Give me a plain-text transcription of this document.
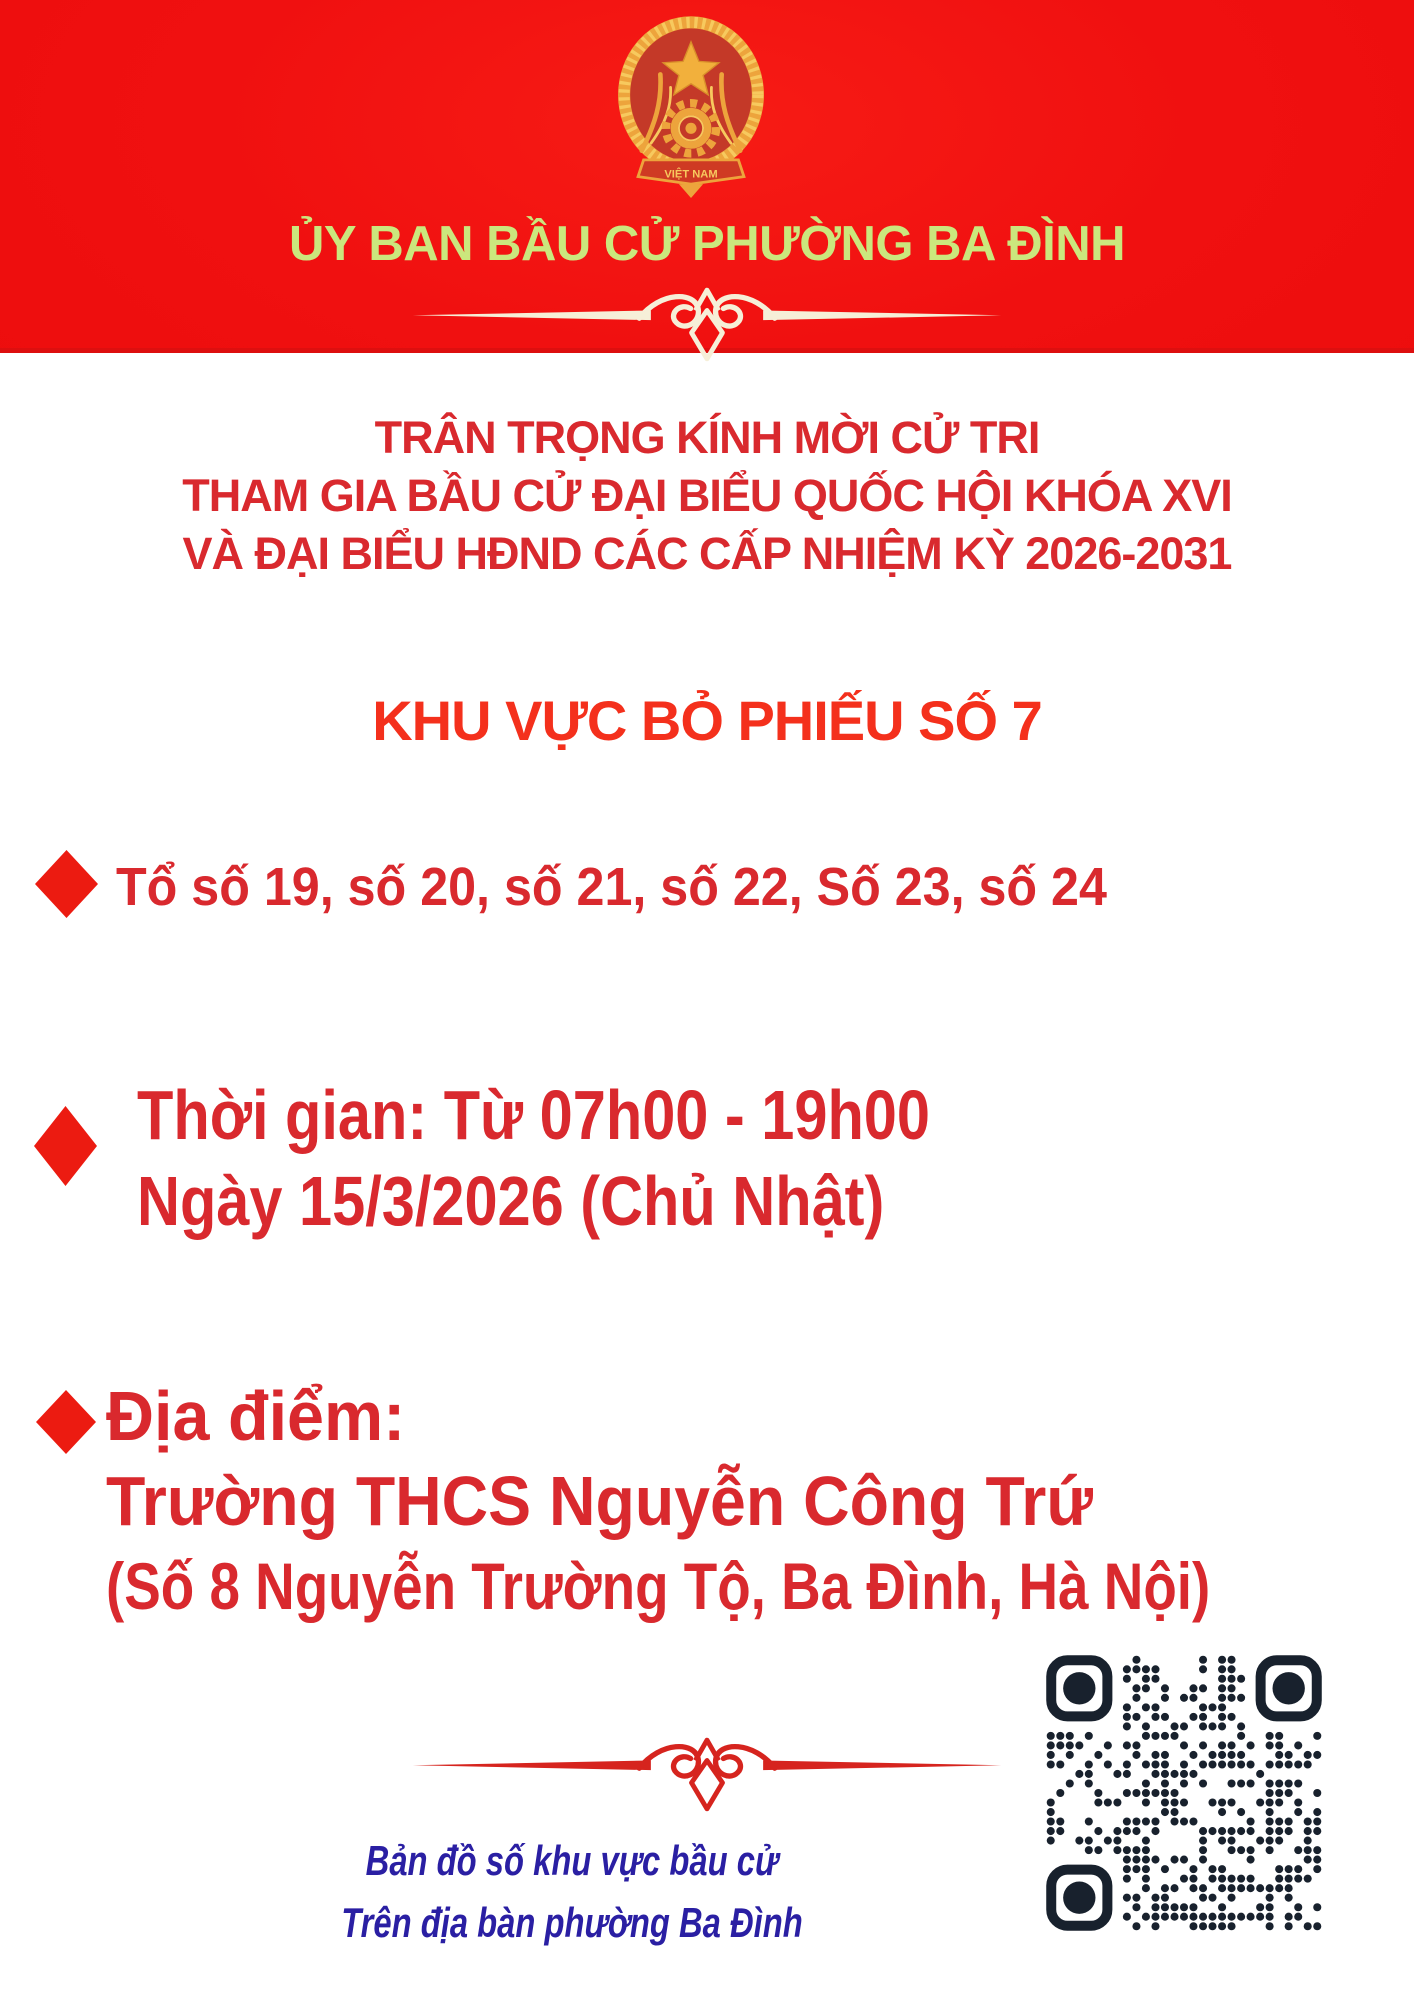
VIỆT NAM
ỦY BAN BẦU CỬ PHƯỜNG BA ĐÌNH
TRÂN TRỌNG KÍNH MỜI CỬ TRI
THAM GIA BẦU CỬ ĐẠI BIỂU QUỐC HỘI KHÓA XVI
VÀ ĐẠI BIỂU HĐND CÁC CẤP NHIỆM KỲ 2026-2031
KHU VỰC BỎ PHIẾU SỐ 7
Tổ số 19, số 20, số 21, số 22, Số 23, số 24
Thời gian: Từ 07h00 - 19h00
Ngày 15/3/2026 (Chủ Nhật)
Địa điểm:
Trường THCS Nguyễn Công Trứ
(Số 8 Nguyễn Trường Tộ, Ba Đình, Hà Nội)
Bản đồ số khu vực bầu cử
Trên địa bàn phường Ba Đình
